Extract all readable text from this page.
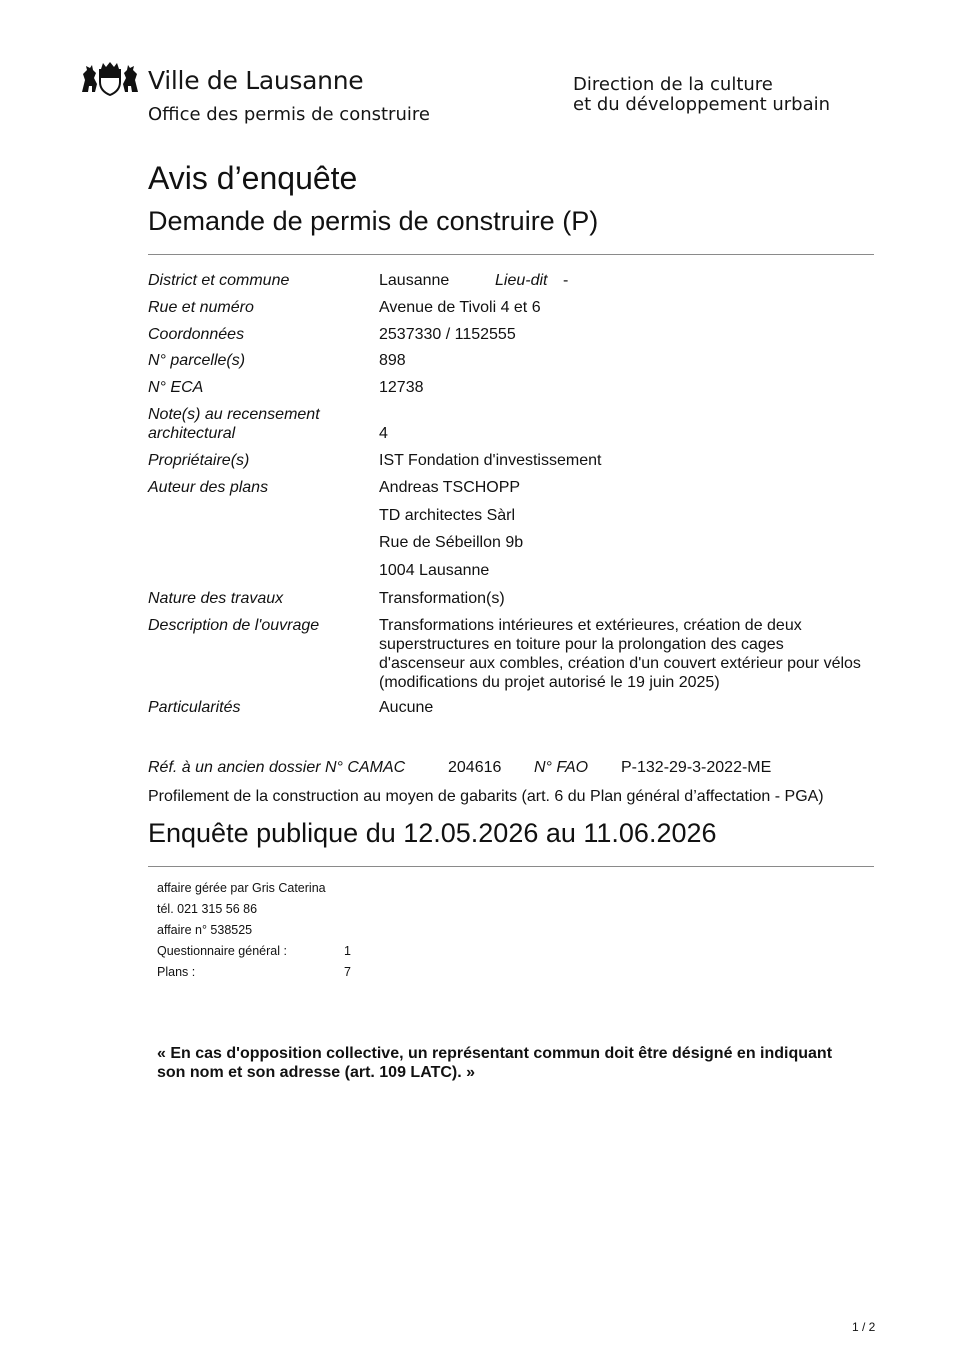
Ville de Lausanne
Office des permis de construire
Direction de la culture
et du développement urbain
Avis d’enquête
Demande de permis de construire (P)
District et commune	Lausanne	Lieu-dit -
Rue et numéro	Avenue de Tivoli 4 et 6
Coordonnées	2537330 / 1152555
N° parcelle(s)	898
N° ECA	12738
Note(s) au recensement
architectural	4
Propriétaire(s)	IST Fondation d'investissement
Auteur des plans	Andreas TSCHOPP
TD architectes Sàrl
Rue de Sébeillon 9b
1004 Lausanne
Nature des travaux	Transformation(s)
Description de l'ouvrage	Transformations intérieures et extérieures, création de deux
superstructures en toiture pour la prolongation des cages
d'ascenseur aux combles, création d'un couvert extérieur pour vélos
(modifications du projet autorisé le 19 juin 2025)
Particularités	Aucune
Réf. à un ancien dossier N° CAMAC	204616 N° FAO P-132-29-3-2022-ME
Profilement de la construction au moyen de gabarits (art. 6 du Plan général d’affectation - PGA)
Enquête publique du 12.05.2026 au 11.06.2026
affaire gérée par Gris Caterina
tél. 021 315 56 86
affaire n° 538525
Questionnaire général :	1
Plans :	7
« En cas d'opposition collective, un représentant commun doit être désigné en indiquant
son nom et son adresse (art. 109 LATC). »
1 / 2
